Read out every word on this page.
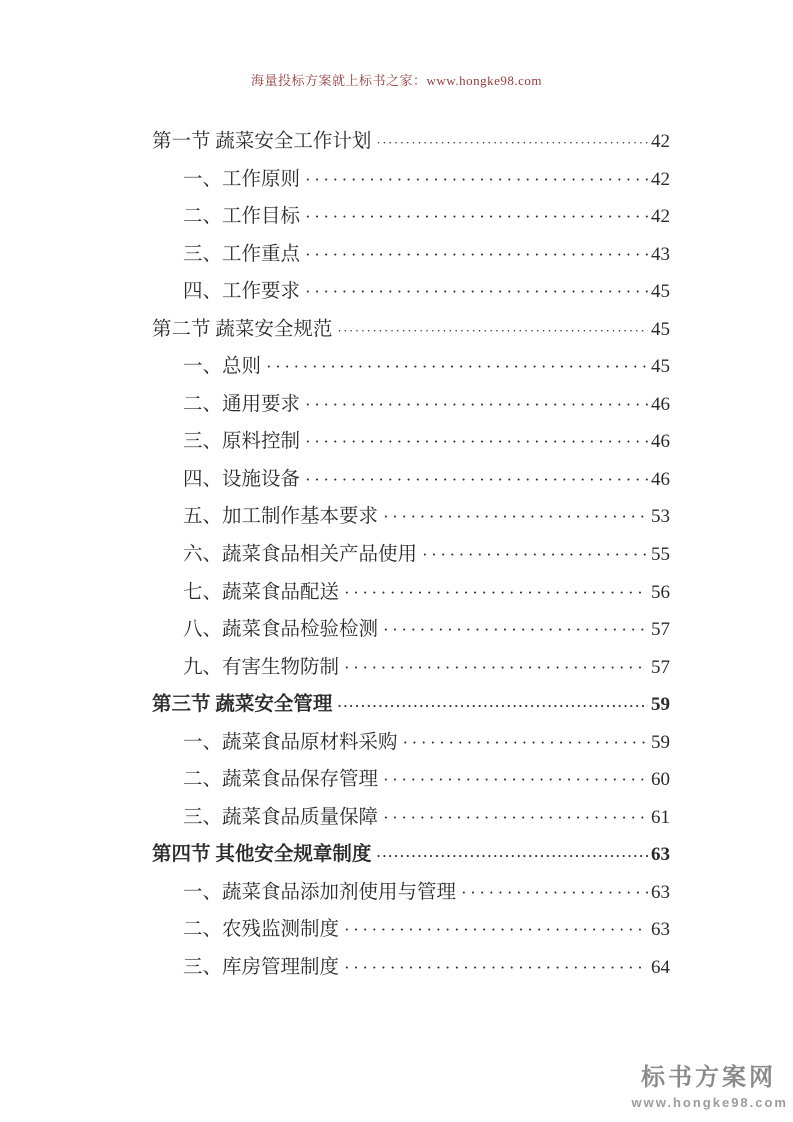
海量投标方案就上标书之家：www.hongke98.com
第一节 蔬菜安全工作计划 ·····	42
一、工作原则 ·····	42
二、工作目标 ·····	42
三、工作重点 ·····	43
四、工作要求 ·····	45
第二节 蔬菜安全规范 ·····	45
一、总则 ·····	45
二、通用要求 ·····	46
三、原料控制 ·····	46
四、设施设备 ·····	46
五、加工制作基本要求 ·····	53
六、蔬菜食品相关产品使用 ·····	55
七、蔬菜食品配送 ·····	56
八、蔬菜食品检验检测 ·····	57
九、有害生物防制 ·····	57
第三节 蔬菜安全管理 ·····	59
一、蔬菜食品原材料采购 ·····	59
二、蔬菜食品保存管理 ·····	60
三、蔬菜食品质量保障 ·····	61
第四节 其他安全规章制度 ·····	63
一、蔬菜食品添加剂使用与管理 ·····	63
二、农残监测制度 ·····	63
三、库房管理制度 ·····	64
标书方案网
www.hongke98.com
